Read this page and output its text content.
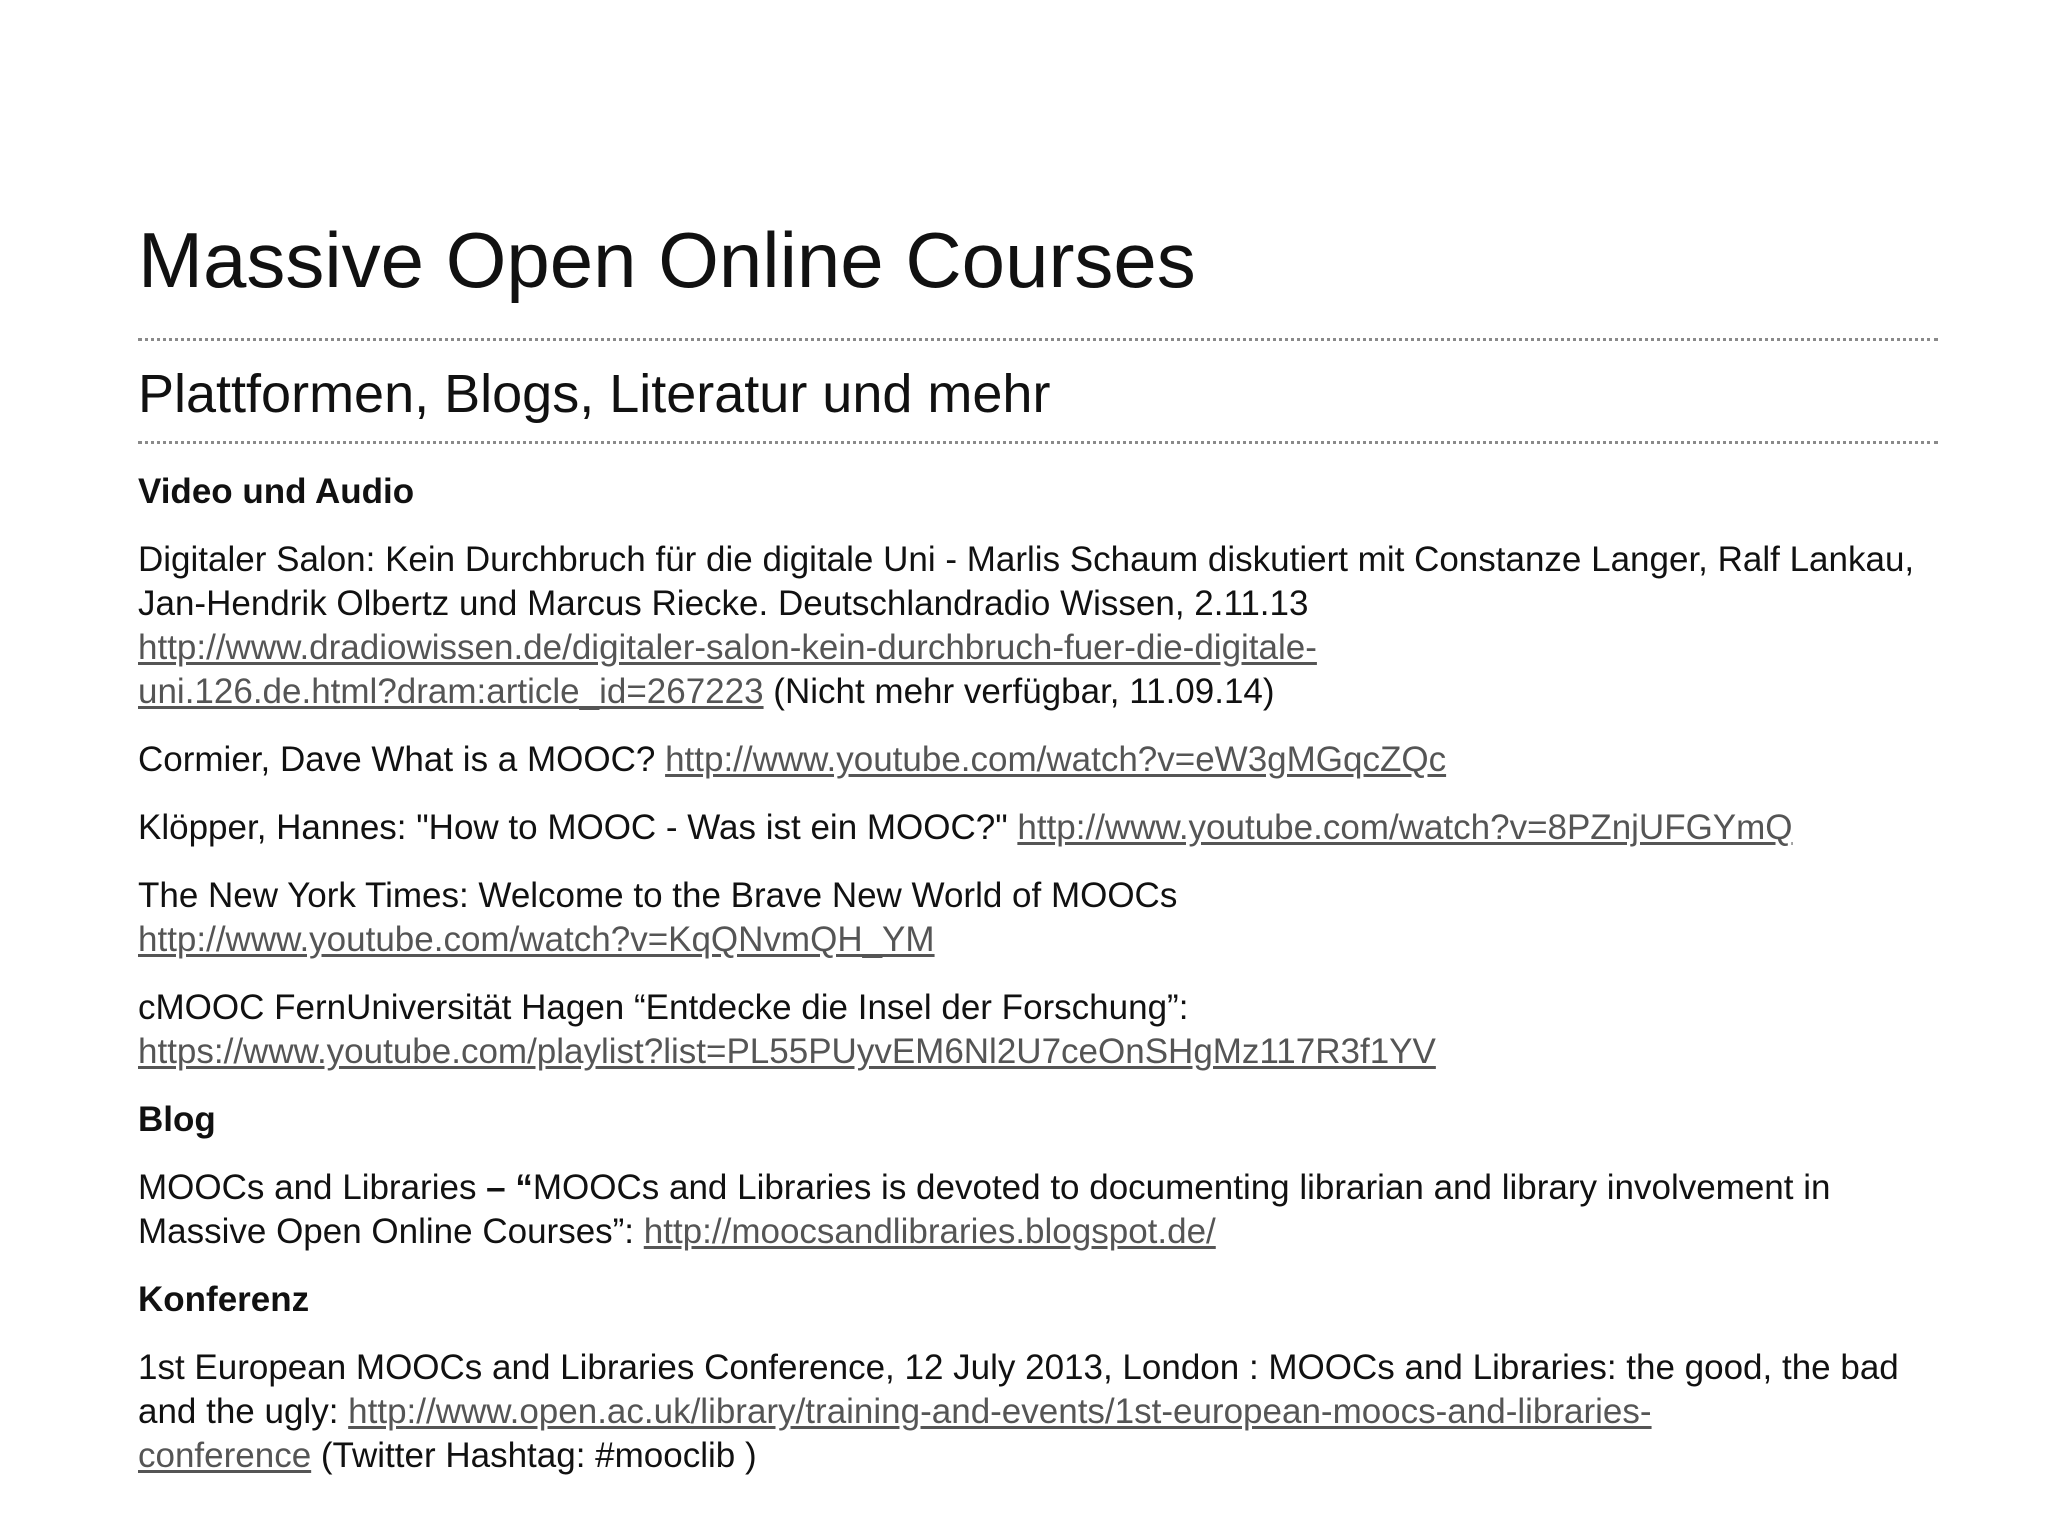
Massive Open Online Courses
Plattformen, Blogs, Literatur und mehr

Video und Audio

Digitaler Salon: Kein Durchbruch für die digitale Uni - Marlis Schaum diskutiert mit Constanze Langer, Ralf Lankau, Jan-Hendrik Olbertz und Marcus Riecke. Deutschlandradio Wissen, 2.11.13
http://www.dradiowissen.de/digitaler-salon-kein-durchbruch-fuer-die-digitale-
uni.126.de.html?dram:article_id=267223 (Nicht mehr verfügbar, 11.09.14)

Cormier, Dave What is a MOOC? http://www.youtube.com/watch?v=eW3gMGqcZQc

Klöpper, Hannes: "How to MOOC - Was ist ein MOOC?" http://www.youtube.com/watch?v=8PZnjUFGYmQ

The New York Times: Welcome to the Brave New World of MOOCs
http://www.youtube.com/watch?v=KqQNvmQH_YM

cMOOC FernUniversität Hagen “Entdecke die Insel der Forschung”:
https://www.youtube.com/playlist?list=PL55PUyvEM6Nl2U7ceOnSHgMz117R3f1YV

Blog

MOOCs and Libraries – “MOOCs and Libraries is devoted to documenting librarian and library involvement in Massive Open Online Courses”: http://moocsandlibraries.blogspot.de/

Konferenz

1st European MOOCs and Libraries Conference, 12 July 2013, London : MOOCs and Libraries: the good, the bad and the ugly: http://www.open.ac.uk/library/training-and-events/1st-european-moocs-and-libraries-
conference (Twitter Hashtag: #mooclib )
